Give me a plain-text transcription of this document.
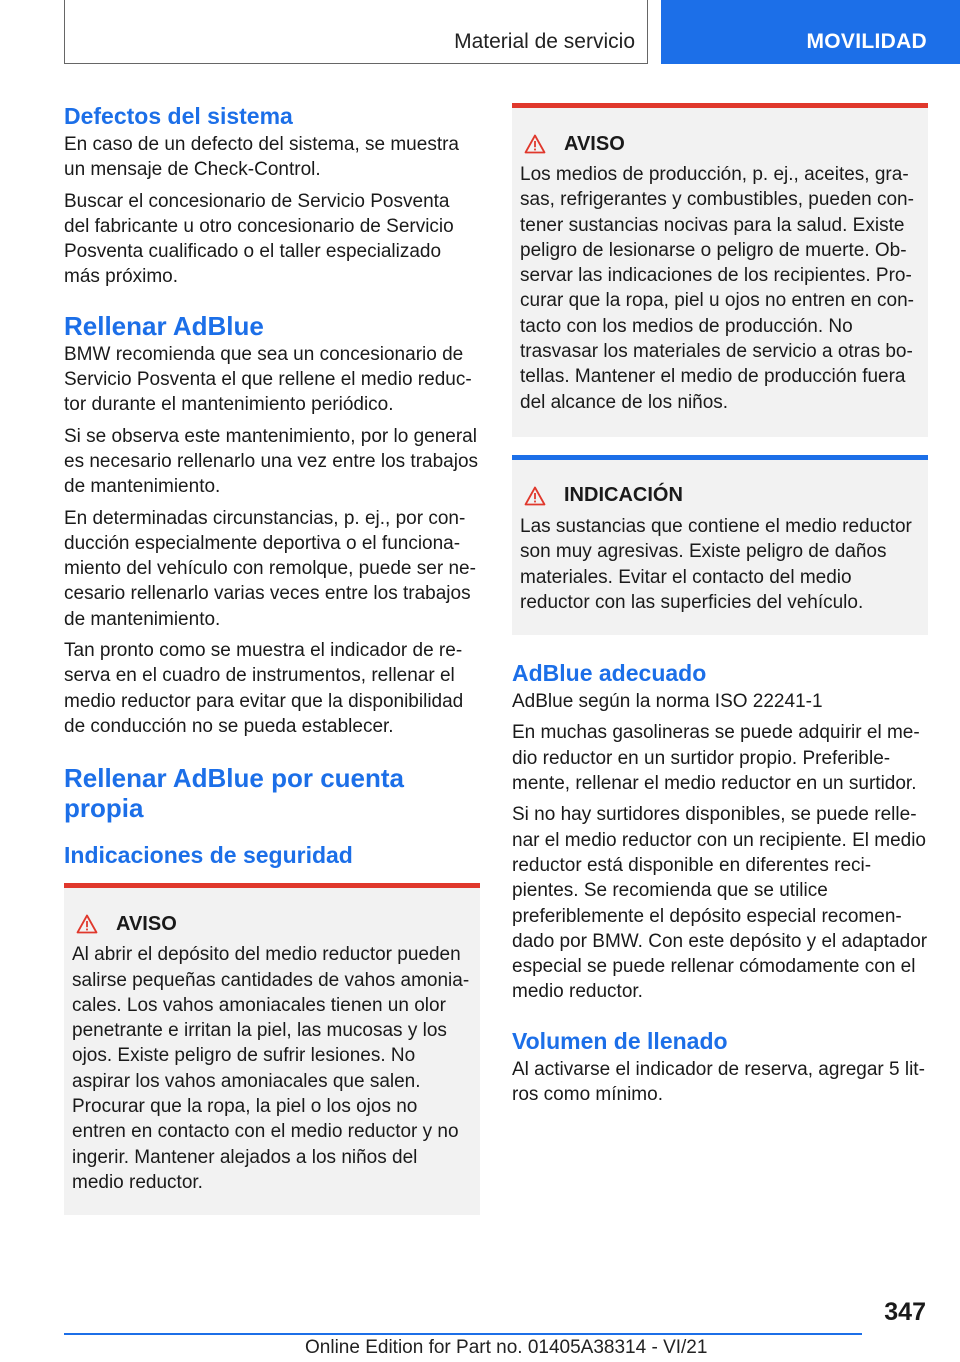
Material de servicio	MOVILIDAD
Defectos del sistema

En caso de un defecto del sistema, se muestra un mensaje de Check-Control.

Buscar el concesionario de Servicio Posventa del fabricante u otro concesionario de Servicio Posventa cualificado o el taller especializado más próximo.

Rellenar AdBlue

BMW recomienda que sea un concesionario de Servicio Posventa el que rellene el medio reductor durante el mantenimiento periódico.

Si se observa este mantenimiento, por lo general es necesario rellenarlo una vez entre los trabajos de mantenimiento.

En determinadas circunstancias, p. ej., por conducción especialmente deportiva o el funcionamiento del vehículo con remolque, puede ser necesario rellenarlo varias veces entre los trabajos de mantenimiento.

Tan pronto como se muestra el indicador de reserva en el cuadro de instrumentos, rellenar el medio reductor para evitar que la disponibilidad de conducción no se pueda establecer.

Rellenar AdBlue por cuenta propia
Indicaciones de seguridad
AVISO

Al abrir el depósito del medio reductor pueden salirse pequeñas cantidades de vahos amoniacales. Los vahos amoniacales tienen un olor penetrante e irritan la piel, las mucosas y los ojos. Existe peligro de sufrir lesiones. No aspirar los vahos amoniacales que salen. Procurar que la ropa, la piel o los ojos no entren en contacto con el medio reductor y no ingerir. Mantener alejados a los niños del medio reductor.

AVISO

Los medios de producción, p. ej., aceites, grasas, refrigerantes y combustibles, pueden contener sustancias nocivas para la salud. Existe peligro de lesionarse o peligro de muerte. Observar las indicaciones de los recipientes. Procurar que la ropa, piel u ojos no entren en contacto con los medios de producción. No trasvasar los materiales de servicio a otras botellas. Mantener el medio de producción fuera del alcance de los niños.

INDICACIÓN

Las sustancias que contiene el medio reductor son muy agresivas. Existe peligro de daños materiales. Evitar el contacto del medio reductor con las superficies del vehículo.

AdBlue adecuado

AdBlue según la norma ISO 22241-1

En muchas gasolineras se puede adquirir el medio reductor en un surtidor propio. Preferiblemente, rellenar el medio reductor en un surtidor.

Si no hay surtidores disponibles, se puede rellenar el medio reductor con un recipiente. El medio reductor está disponible en diferentes recipientes. Se recomienda que se utilice preferiblemente el depósito especial recomendado por BMW. Con este depósito y el adaptador especial se puede rellenar cómodamente con el medio reductor.

Volumen de llenado

Al activarse el indicador de reserva, agregar 5 litros como mínimo.

347
Online Edition for Part no. 01405A38314 - VI/21
